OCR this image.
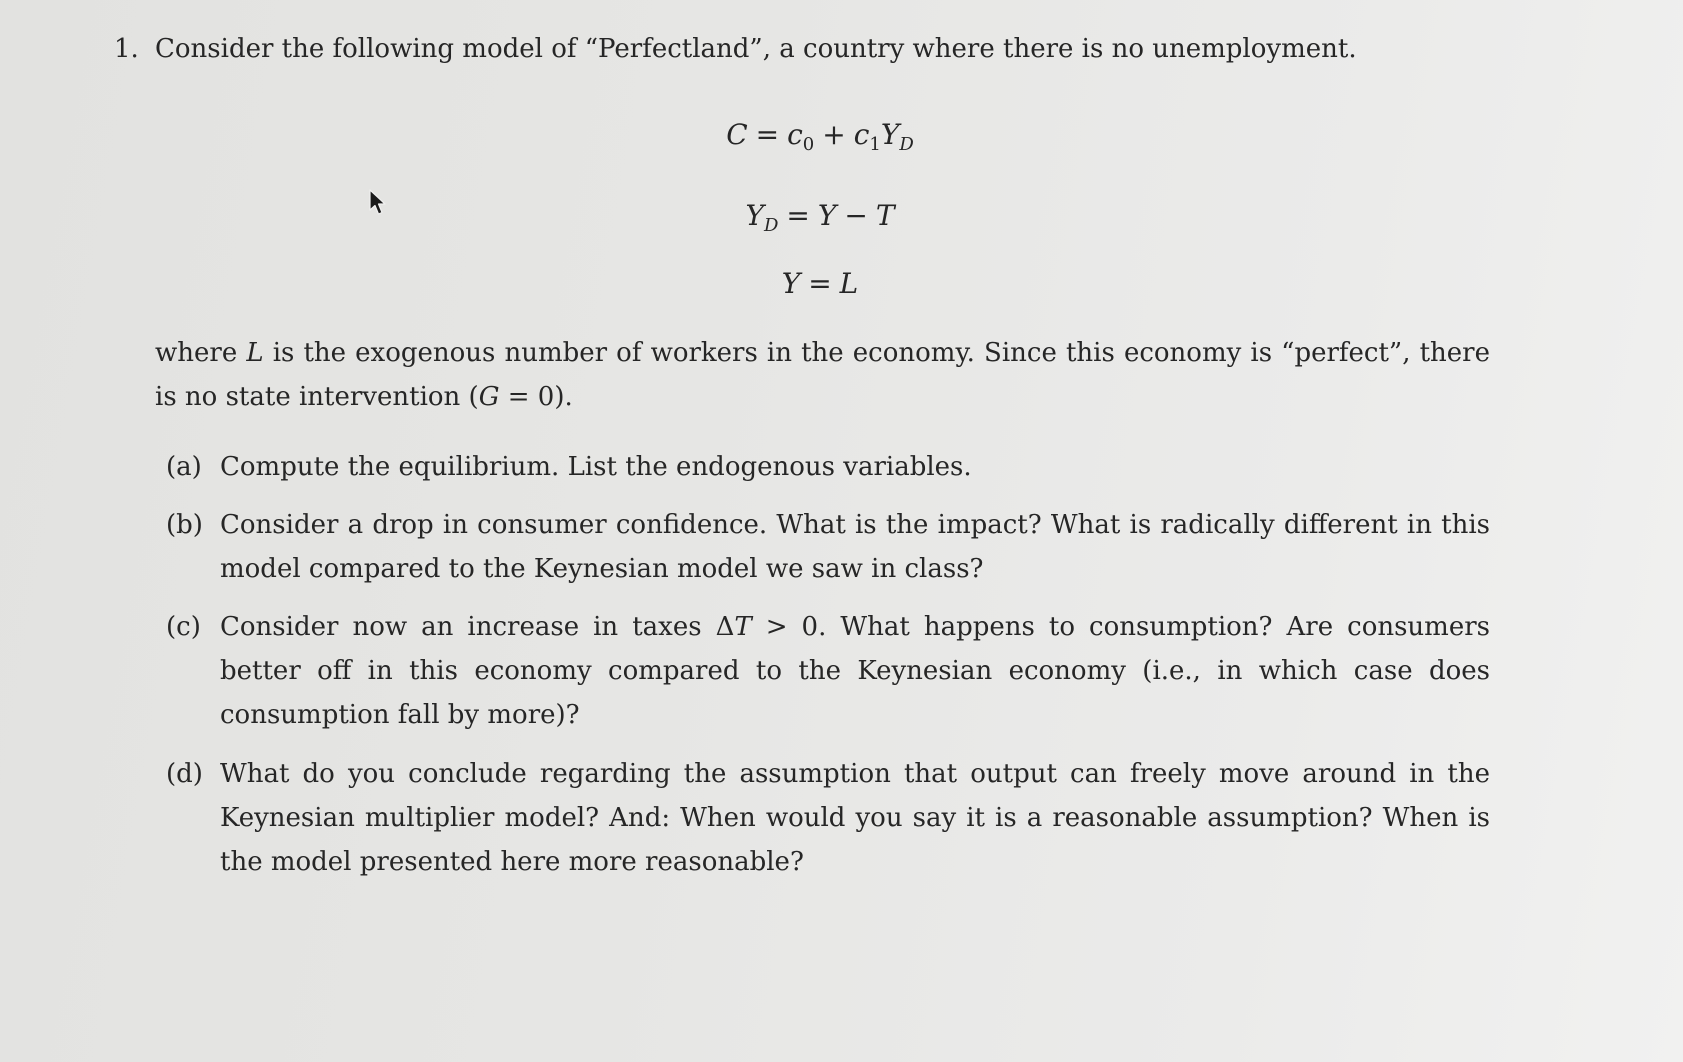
1. Consider the following model of “Perfectland”, a country where there is no unemployment.
$C = c_0 + c_1Y_D$
$Y_D = Y - T$
Y = L
where L is the exogenous number of workers in the economy. Since this economy is “perfect”, there is no state intervention (G = 0).
(a) Compute the equilibrium. List the endogenous variables.
(b) Consider a drop in consumer confidence. What is the impact? What is radically different in this model compared to the Keynesian model we saw in class?
(c) Consider now an increase in taxes ΔT > 0. What happens to consumption? Are consumers better off in this economy compared to the Keynesian economy (i.e., in which case does consumption fall by more)?
(d) What do you conclude regarding the assumption that output can freely move around in the Keynesian multiplier model? And: When would you say it is a reasonable assumption? When is the model presented here more reasonable?
